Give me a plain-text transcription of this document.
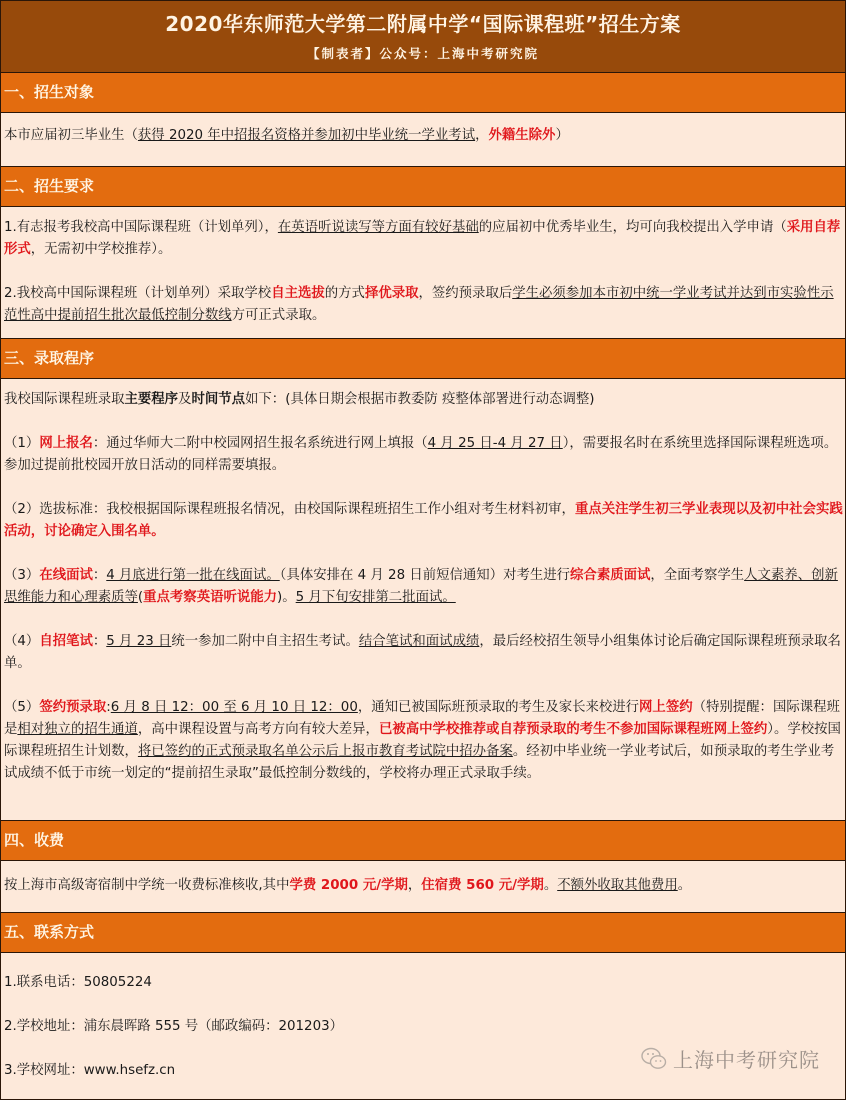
2020华东师范大学第二附属中学“国际课程班”招生方案
【制表者】公众号：上海中考研究院
一、招生对象

本市应届初三毕业生（获得 2020 年中招报名资格并参加初中毕业统一学业考试，外籍生除外）

二、招生要求

1.有志报考我校高中国际课程班（计划单列），在英语听说读写等方面有较好基础的应届初中优秀毕业生，均可向我校提出入学申请（采用自荐形式，无需初中学校推荐）。

2.我校高中国际课程班（计划单列）采取学校自主选拔的方式择优录取，签约预录取后学生必须参加本市初中统一学业考试并达到市实验性示范性高中提前招生批次最低控制分数线方可正式录取。

三、录取程序

我校国际课程班录取主要程序及时间节点如下：(具体日期会根据市教委防 疫整体部署进行动态调整)

（1）网上报名：通过华师大二附中校园网招生报名系统进行网上填报（4 月 25 日-4 月 27 日），需要报名时在系统里选择国际课程班选项。参加过提前批校园开放日活动的同样需要填报。

（2）选拔标准：我校根据国际课程班报名情况，由校国际课程班招生工作小组对考生材料初审，重点关注学生初三学业表现以及初中社会实践活动，讨论确定入围名单。

（3）在线面试：4 月底进行第一批在线面试。（具体安排在 4 月 28 日前短信通知）对考生进行综合素质面试，全面考察学生人文素养、创新思维能力和心理素质等(重点考察英语听说能力)。5 月下旬安排第二批面试。

（4）自招笔试：5 月 23 日统一参加二附中自主招生考试。结合笔试和面试成绩，最后经校招生领导小组集体讨论后确定国际课程班预录取名单。

（5）签约预录取:6 月 8 日 12：00 至 6 月 10 日 12：00，通知已被国际班预录取的考生及家长来校进行网上签约（特别提醒：国际课程班是相对独立的招生通道，高中课程设置与高考方向有较大差异，已被高中学校推荐或自荐预录取的考生不参加国际课程班网上签约）。学校按国际课程班招生计划数，将已签约的正式预录取名单公示后上报市教育考试院中招办备案。经初中毕业统一学业考试后，如预录取的考生学业考试成绩不低于市统一划定的“提前招生录取”最低控制分数线的，学校将办理正式录取手续。

四、收费

按上海市高级寄宿制中学统一收费标准核收,其中学费 2000 元/学期，住宿费 560 元/学期。不额外收取其他费用。

五、联系方式

1.联系电话：50805224

2.学校地址：浦东晨晖路 555 号（邮政编码：201203）

3.学校网址：www.hsefz.cn	上海中考研究院
